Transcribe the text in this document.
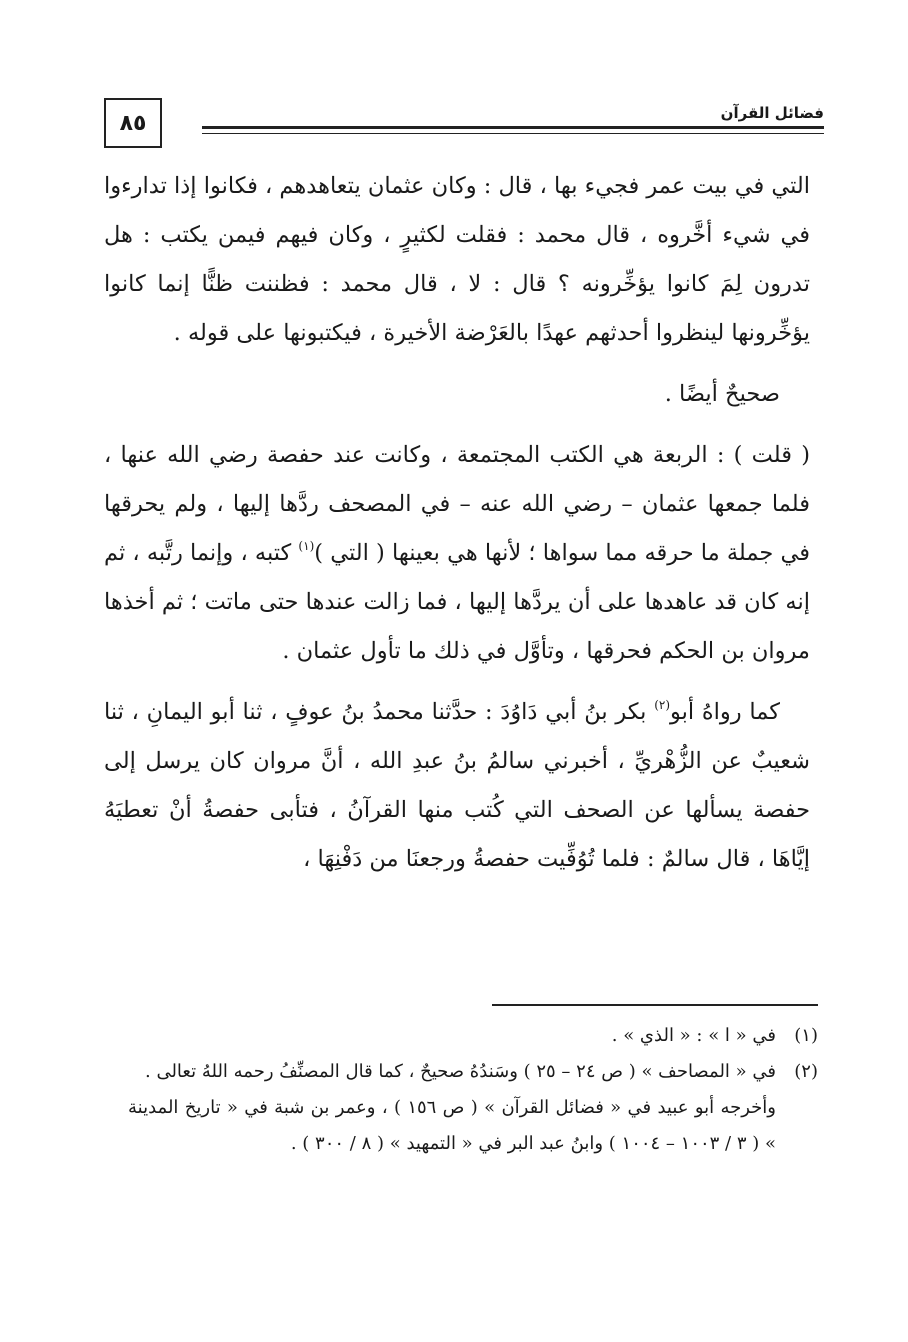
٨٥	فضائل القرآن

التي في بيت عمر فجيء بها ، قال : وكان عثمان يتعاهدهم ، فكانوا إذا تدارءوا في شيء أخَّروه ، قال محمد : فقلت لكثيرٍ ، وكان فيهم فيمن يكتب : هل تدرون لِمَ كانوا يؤخِّرونه ؟ قال : لا ، قال محمد : فظننت ظنًّا إنما كانوا يؤخِّرونها لينظروا أحدثهم عهدًا بالعَرْضة الأخيرة ، فيكتبونها على قوله .

صحيحٌ أيضًا .

( قلت ) : الربعة هي الكتب المجتمعة ، وكانت عند حفصة رضي الله عنها ، فلما جمعها عثمان – رضي الله عنه – في المصحف ردَّها إليها ، ولم يحرقها في جملة ما حرقه مما سواها ؛ لأنها هي بعينها ( التي )$^{(١)}$ كتبه ، وإنما رتَّبه ، ثم إنه كان قد عاهدها على أن يردَّها إليها ، فما زالت عندها حتى ماتت ؛ ثم أخذها مروان بن الحكم فحرقها ، وتأوَّل في ذلك ما تأول عثمان .

كما رواهُ أبو$^{(٢)}$ بكر بنُ أبي دَاوُدَ : حدَّثنا محمدُ بنُ عوفٍ ، ثنا أبو اليمانِ ، ثنا شعيبٌ عن الزُّهْريِّ ، أخبرني سالمُ بنُ عبدِ الله ، أنَّ مروان كان يرسل إلى حفصة يسألها عن الصحف التي كُتب منها القرآنُ ، فتأبى حفصةُ أنْ تعطيَهُ إيَّاهَا ، قال سالمٌ : فلما تُوُفِّيت حفصةُ ورجعنَا من دَفْنِهَا ،

(١)
في « ا » : « الذي » .
(٢)
في « المصاحف » ( ص ٢٤ – ٢٥ ) وسَندُهُ صحيحٌ ، كما قال المصنِّفُ رحمه اللهُ تعالى .
وأخرجه أبو عبيد في « فضائل القرآن » ( ص ١٥٦ ) ، وعمر بن شبة في « تاريخ المدينة » ( ٣ / ١٠٠٣ – ١٠٠٤ ) وابنُ عبد البر في « التمهيد » ( ٨ / ٣٠٠ ) .
